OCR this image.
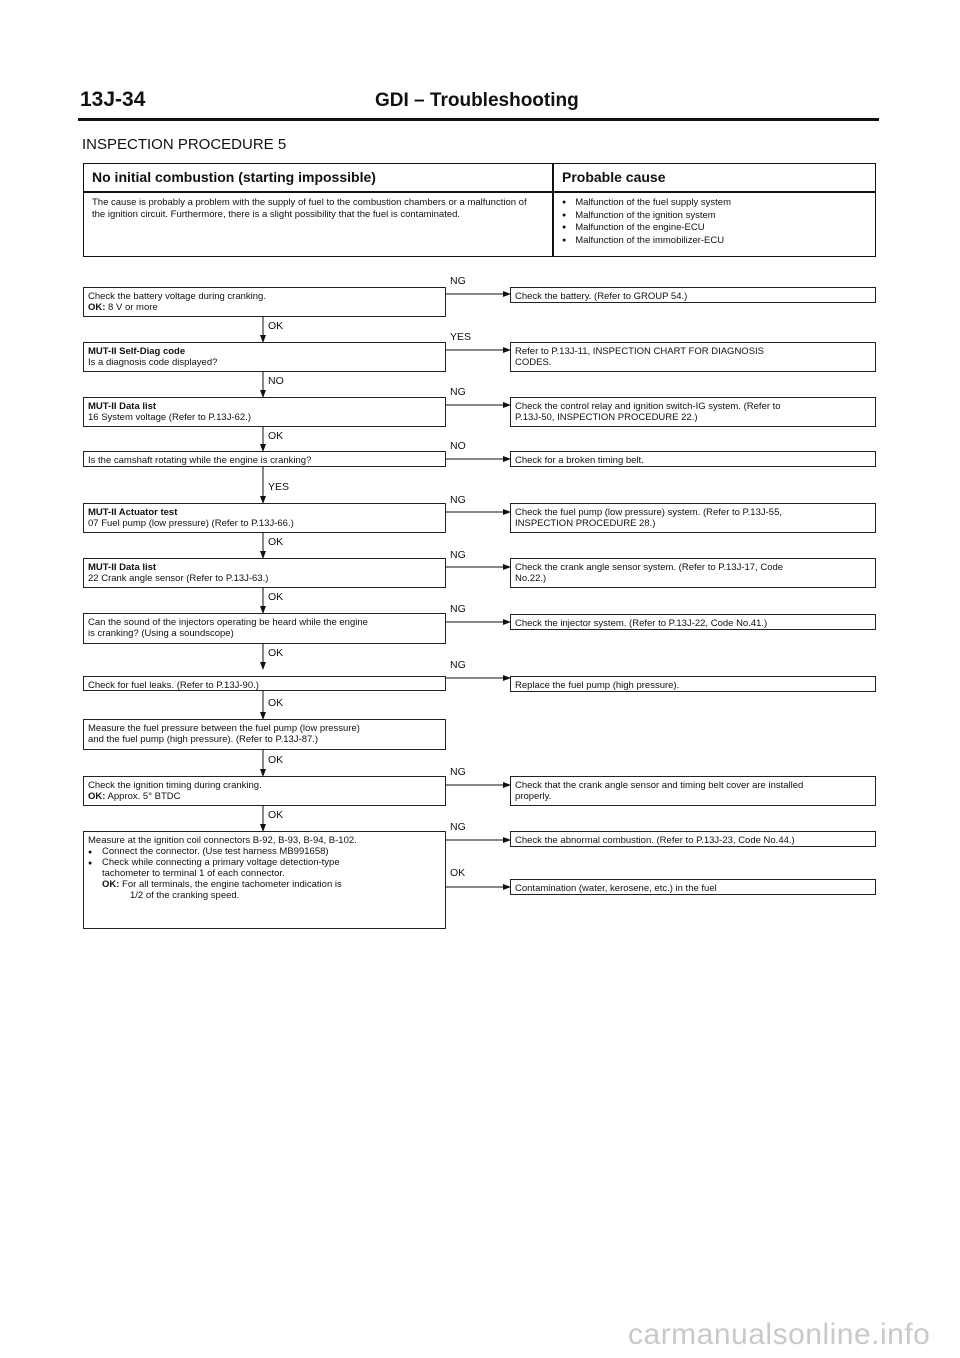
13J-34	GDI – Troubleshooting
INSPECTION PROCEDURE 5
No initial combustion (starting impossible)	Probable cause
The cause is probably a problem with the supply of fuel to the combustion chambers or a malfunction of the ignition circuit. Furthermore, there is a slight possibility that the fuel is contaminated.
● Malfunction of the fuel supply system
● Malfunction of the ignition system
● Malfunction of the engine-ECU
● Malfunction of the immobilizer-ECU
Check the battery voltage during cranking.
OK: 8 V or more
MUT-II Self-Diag code
Is a diagnosis code displayed?
MUT-II Data list
16 System voltage (Refer to P.13J-62.)
Is the camshaft rotating while the engine is cranking?
MUT-II Actuator test
07 Fuel pump (low pressure) (Refer to P.13J-66.)
MUT-II Data list
22 Crank angle sensor (Refer to P.13J-63.)
Can the sound of the injectors operating be heard while the engine
is cranking? (Using a soundscope)
Check for fuel leaks. (Refer to P.13J-90.)
Measure the fuel pressure between the fuel pump (low pressure)
and the fuel pump (high pressure). (Refer to P.13J-87.)
Check the ignition timing during cranking.
OK: Approx. 5° BTDC
Measure at the ignition coil connectors B-92, B-93, B-94, B-102.
● Connect the connector. (Use test harness MB991658)
● Check while connecting a primary voltage detection-type
tachometer to terminal 1 of each connector.
OK: For all terminals, the engine tachometer indication is
1/2 of the cranking speed.
OK
NO
OK
YES
OK
OK
OK
OK
OK
OK
NG
YES
NG
NO
NG
NG
NG
NG
NG
NG
OK
Check the battery. (Refer to GROUP 54.)
Refer to P.13J-11, INSPECTION CHART FOR DIAGNOSIS
CODES.
Check the control relay and ignition switch-IG system. (Refer to
P.13J-50, INSPECTION PROCEDURE 22.)
Check for a broken timing belt.
Check the fuel pump (low pressure) system. (Refer to P.13J-55,
INSPECTION PROCEDURE 28.)
Check the crank angle sensor system. (Refer to P.13J-17, Code
No.22.)
Check the injector system. (Refer to P.13J-22, Code No.41.)
Replace the fuel pump (high pressure).
Check that the crank angle sensor and timing belt cover are installed
properly.
Check the abnormal combustion. (Refer to P.13J-23, Code No.44.)
Contamination (water, kerosene, etc.) in the fuel
carmanualsonline.info
